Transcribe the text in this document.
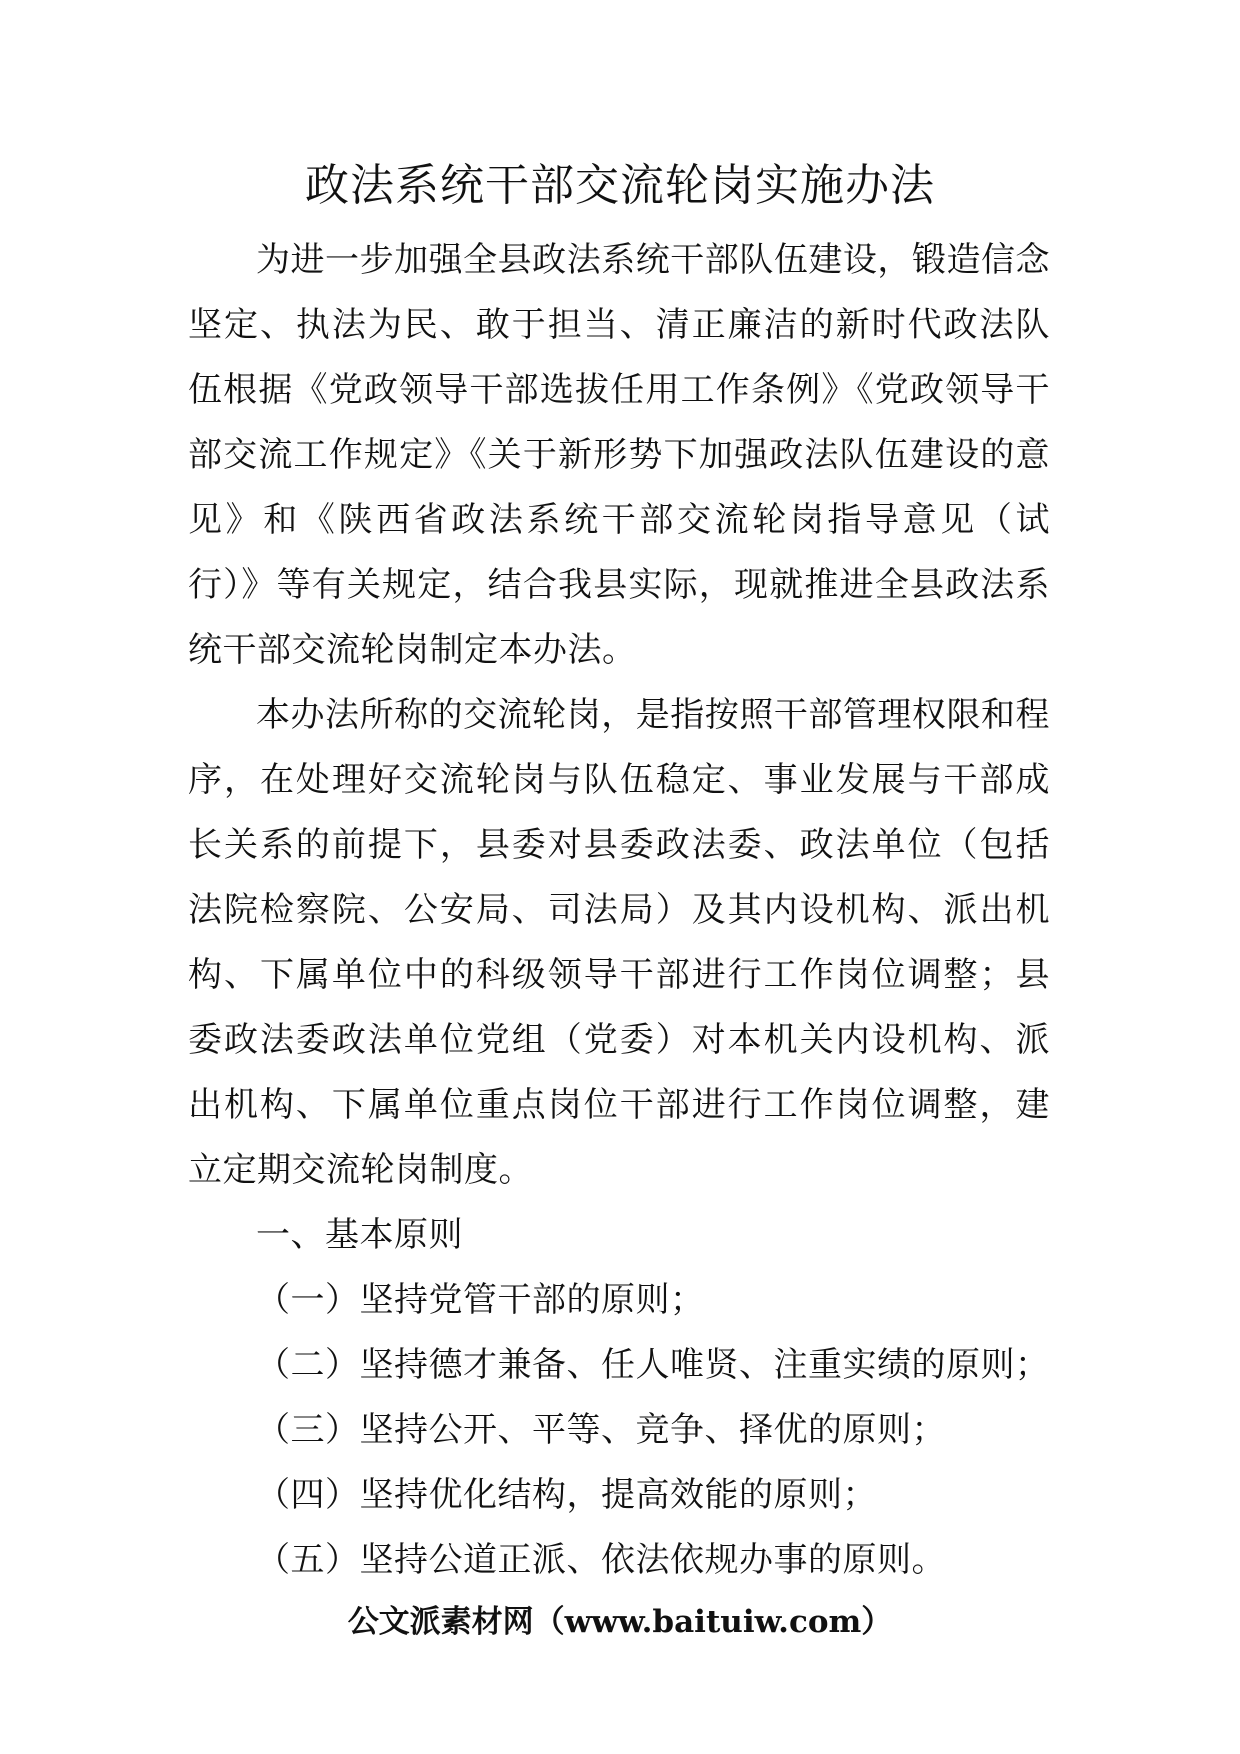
政法系统干部交流轮岗实施办法

为进一步加强全县政法系统干部队伍建设，锻造信念坚定、执法为民、敢于担当、清正廉洁的新时代政法队伍根据《党政领导干部选拔任用工作条例》《党政领导干部交流工作规定》《关于新形势下加强政法队伍建设的意见》和《陕西省政法系统干部交流轮岗指导意见（试行）》等有关规定，结合我县实际，现就推进全县政法系统干部交流轮岗制定本办法。

本办法所称的交流轮岗，是指按照干部管理权限和程序，在处理好交流轮岗与队伍稳定、事业发展与干部成长关系的前提下，县委对县委政法委、政法单位（包括法院检察院、公安局、司法局）及其内设机构、派出机构、下属单位中的科级领导干部进行工作岗位调整；县委政法委政法单位党组（党委）对本机关内设机构、派出机构、下属单位重点岗位干部进行工作岗位调整，建立定期交流轮岗制度。

一、基本原则

（一）坚持党管干部的原则；

（二）坚持德才兼备、任人唯贤、注重实绩的原则；

（三）坚持公开、平等、竞争、择优的原则；

（四）坚持优化结构，提高效能的原则；

（五）坚持公道正派、依法依规办事的原则。

公文派素材网（www.baituiw.com）
